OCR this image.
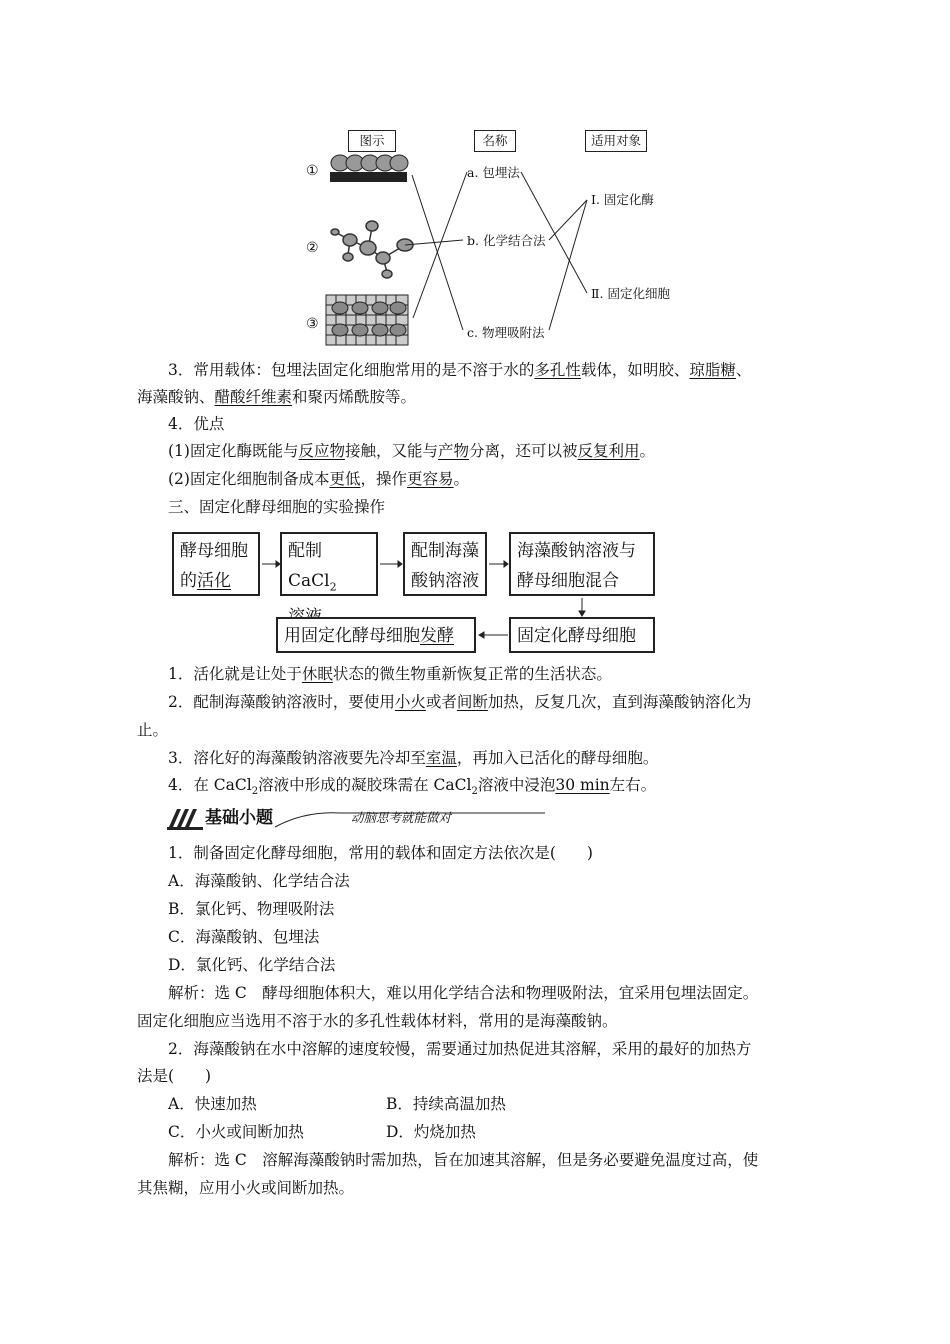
图示	名称	适用对象
①
②
③
a. 包埋法
b. 化学结合法
c. 物理吸附法
Ⅰ. 固定化酶
Ⅱ. 固定化细胞
3．常用载体：包埋法固定化细胞常用的是不溶于水的多孔性载体，如明胶、琼脂糖、
海藻酸钠、醋酸纤维素和聚丙烯酰胺等。
4．优点
(1)固定化酶既能与反应物接触，又能与产物分离，还可以被反复利用。
(2)固定化细胞制备成本更低，操作更容易。
三、固定化酵母细胞的实验操作
酵母细胞
的活化
配制 CaCl$_2$
配制海藻
酸钠溶液
海藻酸钠溶液与
酵母细胞混合
固定化酵母细胞
用固定化酵母细胞发酵
1．活化就是让处于休眠状态的微生物重新恢复正常的生活状态。
2．配制海藻酸钠溶液时，要使用小火或者间断加热，反复几次，直到海藻酸钠溶化为
止。
3．溶化好的海藻酸钠溶液要先冷却至室温，再加入已活化的酵母细胞。
4．在 CaCl$_2$溶液中形成的凝胶珠需在 CaCl$_2$溶液中浸泡30 min左右。
基础小题	动脑思考就能做对
1．制备固定化酵母细胞，常用的载体和固定方法依次是(　　)
A．海藻酸钠、化学结合法
B．氯化钙、物理吸附法
C．海藻酸钠、包埋法
D．氯化钙、化学结合法
解析：选 C　酵母细胞体积大，难以用化学结合法和物理吸附法，宜采用包埋法固定。
固定化细胞应当选用不溶于水的多孔性载体材料，常用的是海藻酸钠。
2．海藻酸钠在水中溶解的速度较慢，需要通过加热促进其溶解，采用的最好的加热方
法是(　　)
A．快速加热	B．持续高温加热
C．小火或间断加热	D．灼烧加热
解析：选 C　溶解海藻酸钠时需加热，旨在加速其溶解，但是务必要避免温度过高，使
其焦糊，应用小火或间断加热。
